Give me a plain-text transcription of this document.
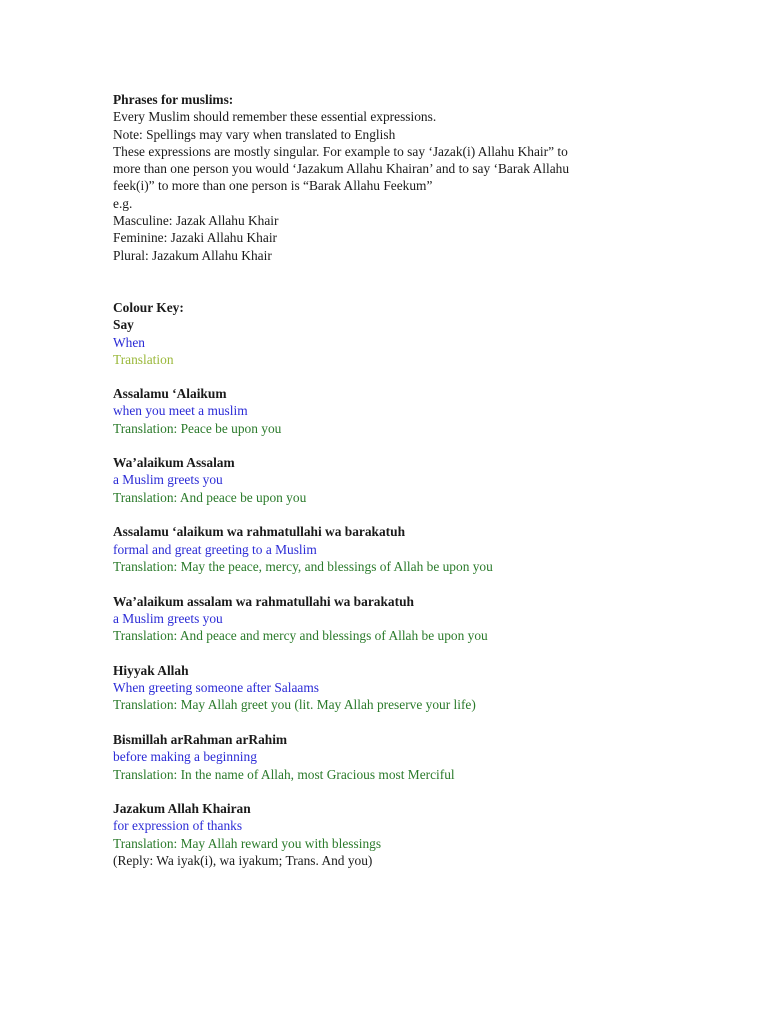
Phrases for muslims:
Every Muslim should remember these essential expressions.
Note: Spellings may vary when translated to English
These expressions are mostly singular. For example to say ‘Jazak(i) Allahu Khair” to
more than one person you would ‘Jazakum Allahu Khairan’ and to say ‘Barak Allahu
feek(i)” to more than one person is “Barak Allahu Feekum”
e.g.
Masculine: Jazak Allahu Khair
Feminine: Jazaki Allahu Khair
Plural: Jazakum Allahu Khair
Colour Key:
Say
When
Translation
Assalamu ‘Alaikum
when you meet a muslim
Translation: Peace be upon you
Wa’alaikum Assalam
a Muslim greets you
Translation: And peace be upon you
Assalamu ‘alaikum wa rahmatullahi wa barakatuh
formal and great greeting to a Muslim
Translation: May the peace, mercy, and blessings of Allah be upon you
Wa’alaikum assalam wa rahmatullahi wa barakatuh
a Muslim greets you
Translation: And peace and mercy and blessings of Allah be upon you
Hiyyak Allah
When greeting someone after Salaams
Translation: May Allah greet you (lit. May Allah preserve your life)
Bismillah arRahman arRahim
before making a beginning
Translation: In the name of Allah, most Gracious most Merciful
Jazakum Allah Khairan
for expression of thanks
Translation: May Allah reward you with blessings
(Reply: Wa iyak(i), wa iyakum; Trans. And you)
